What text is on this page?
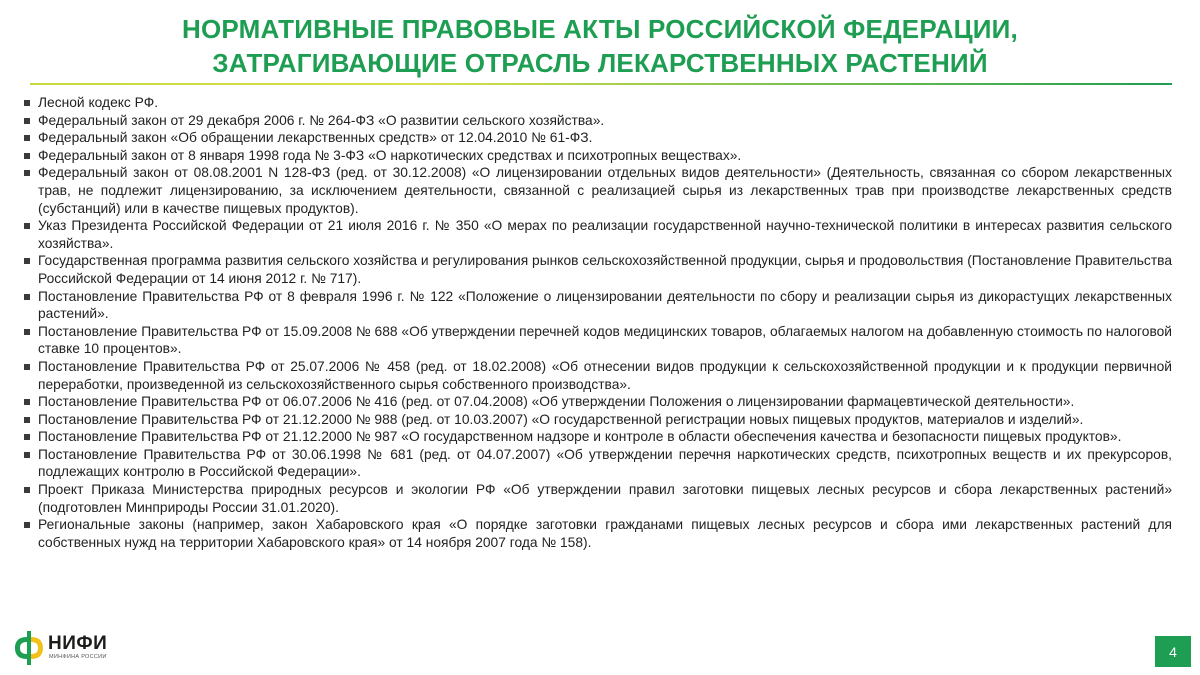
НОРМАТИВНЫЕ ПРАВОВЫЕ АКТЫ РОССИЙСКОЙ ФЕДЕРАЦИИ,
ЗАТРАГИВАЮЩИЕ ОТРАСЛЬ ЛЕКАРСТВЕННЫХ РАСТЕНИЙ
Лесной кодекс РФ.
Федеральный закон от 29 декабря 2006 г. № 264-ФЗ «О развитии сельского хозяйства».
Федеральный закон «Об обращении лекарственных средств» от 12.04.2010 № 61-ФЗ.
Федеральный закон от 8 января 1998 года № 3-ФЗ «О наркотических средствах и психотропных веществах».
Федеральный закон от 08.08.2001 N 128-ФЗ (ред. от 30.12.2008) «О лицензировании отдельных видов деятельности» (Деятельность, связанная со сбором лекарственных трав, не подлежит лицензированию, за исключением деятельности, связанной с реализацией сырья из лекарственных трав при производстве лекарственных средств (субстанций) или в качестве пищевых продуктов).
Указ Президента Российской Федерации от 21 июля 2016 г. № 350 «О мерах по реализации государственной научно-технической политики в интересах развития сельского хозяйства».
Государственная программа развития сельского хозяйства и регулирования рынков сельскохозяйственной продукции, сырья и продовольствия (Постановление Правительства Российской Федерации от 14 июня 2012 г. № 717).
Постановление Правительства РФ от 8 февраля 1996 г. № 122 «Положение о лицензировании деятельности по сбору и реализации сырья из дикорастущих лекарственных растений».
Постановление Правительства РФ от 15.09.2008 № 688 «Об утверждении перечней кодов медицинских товаров, облагаемых налогом на добавленную стоимость по налоговой ставке 10 процентов».
Постановление Правительства РФ от 25.07.2006 № 458 (ред. от 18.02.2008) «Об отнесении видов продукции к сельскохозяйственной продукции и к продукции первичной переработки, произведенной из сельскохозяйственного сырья собственного производства».
Постановление Правительства РФ от 06.07.2006 № 416 (ред. от 07.04.2008) «Об утверждении Положения о лицензировании фармацевтической деятельности».
Постановление Правительства РФ от 21.12.2000 № 988 (ред. от 10.03.2007) «О государственной регистрации новых пищевых продуктов, материалов и изделий».
Постановление Правительства РФ от 21.12.2000 № 987 «О государственном надзоре и контроле в области обеспечения качества и безопасности пищевых продуктов».
Постановление Правительства РФ от 30.06.1998 № 681 (ред. от 04.07.2007) «Об утверждении перечня наркотических средств, психотропных веществ и их прекурсоров, подлежащих контролю в Российской Федерации».
Проект Приказа Министерства природных ресурсов и экологии РФ «Об утверждении правил заготовки пищевых лесных ресурсов и сбора лекарственных растений» (подготовлен Минприроды России 31.01.2020).
Региональные законы (например, закон Хабаровского края «О порядке заготовки гражданами пищевых лесных ресурсов и сбора ими лекарственных растений для собственных нужд на территории Хабаровского края» от 14 ноября 2007 года № 158).
НИФИ
МИНФИНА РОССИИ	4
